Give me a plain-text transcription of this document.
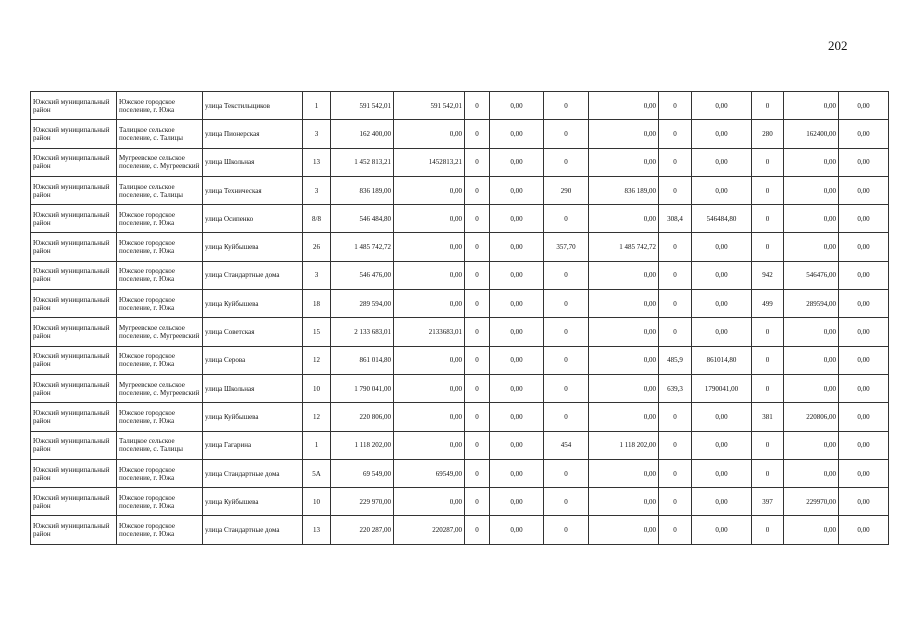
202
Южский муниципальный район	Южское городское поселение, г. Южа	улица Текстильщиков	1	591 542,01	591 542,01	0	0,00	0	0,00	0	0,00	0	0,00	0,00
Южский муниципальный район	Талицкое сельское поселение, с. Талицы	улица Пионерская	3	162 400,00	0,00	0	0,00	0	0,00	0	0,00	280	162400,00	0,00
Южский муниципальный район	Мугреевское сельское поселение, с. Мугреевский	улица Школьная	13	1 452 813,21	1452813,21	0	0,00	0	0,00	0	0,00	0	0,00	0,00
Южский муниципальный район	Талицкое сельское поселение, с. Талицы	улица Техническая	3	836 189,00	0,00	0	0,00	290	836 189,00	0	0,00	0	0,00	0,00
Южский муниципальный район	Южское городское поселение, г. Южа	улица Осипенко	8/8	546 484,80	0,00	0	0,00	0	0,00	308,4	546484,80	0	0,00	0,00
Южский муниципальный район	Южское городское поселение, г. Южа	улица Куйбышева	26	1 485 742,72	0,00	0	0,00	357,70	1 485 742,72	0	0,00	0	0,00	0,00
Южский муниципальный район	Южское городское поселение, г. Южа	улица Стандартные дома	3	546 476,00	0,00	0	0,00	0	0,00	0	0,00	942	546476,00	0,00
Южский муниципальный район	Южское городское поселение, г. Южа	улица Куйбышева	18	289 594,00	0,00	0	0,00	0	0,00	0	0,00	499	289594,00	0,00
Южский муниципальный район	Мугреевское сельское поселение, с. Мугреевский	улица Советская	15	2 133 683,01	2133683,01	0	0,00	0	0,00	0	0,00	0	0,00	0,00
Южский муниципальный район	Южское городское поселение, г. Южа	улица Серова	12	861 014,80	0,00	0	0,00	0	0,00	485,9	861014,80	0	0,00	0,00
Южский муниципальный район	Мугреевское сельское поселение, с. Мугреевский	улица Школьная	10	1 790 041,00	0,00	0	0,00	0	0,00	639,3	1790041,00	0	0,00	0,00
Южский муниципальный район	Южское городское поселение, г. Южа	улица Куйбышева	12	220 806,00	0,00	0	0,00	0	0,00	0	0,00	381	220806,00	0,00
Южский муниципальный район	Талицкое сельское поселение, с. Талицы	улица Гагарина	1	1 118 202,00	0,00	0	0,00	454	1 118 202,00	0	0,00	0	0,00	0,00
Южский муниципальный район	Южское городское поселение, г. Южа	улица Стандартные дома	5А	69 549,00	69549,00	0	0,00	0	0,00	0	0,00	0	0,00	0,00
Южский муниципальный район	Южское городское поселение, г. Южа	улица Куйбышева	10	229 970,00	0,00	0	0,00	0	0,00	0	0,00	397	229970,00	0,00
Южский муниципальный район	Южское городское поселение, г. Южа	улица Стандартные дома	13	220 287,00	220287,00	0	0,00	0	0,00	0	0,00	0	0,00	0,00
